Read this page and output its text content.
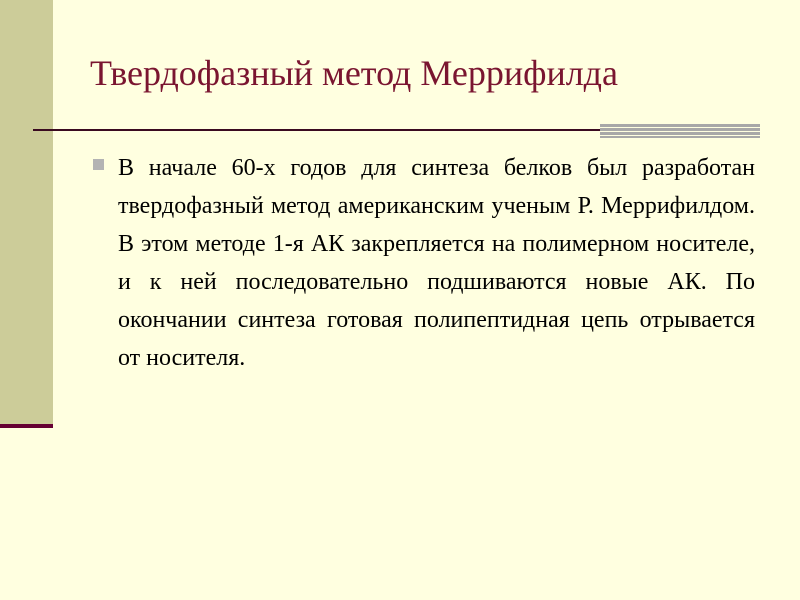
Твердофазный метод Меррифилда
В начале 60-х годов для синтеза белков был разработан твердофазный метод американским ученым Р. Меррифилдом. В этом методе 1-я АК закрепляется на полимерном носителе, и к ней последовательно подшиваются новые АК. По окончании синтеза готовая полипептидная цепь отрывается от носителя.
